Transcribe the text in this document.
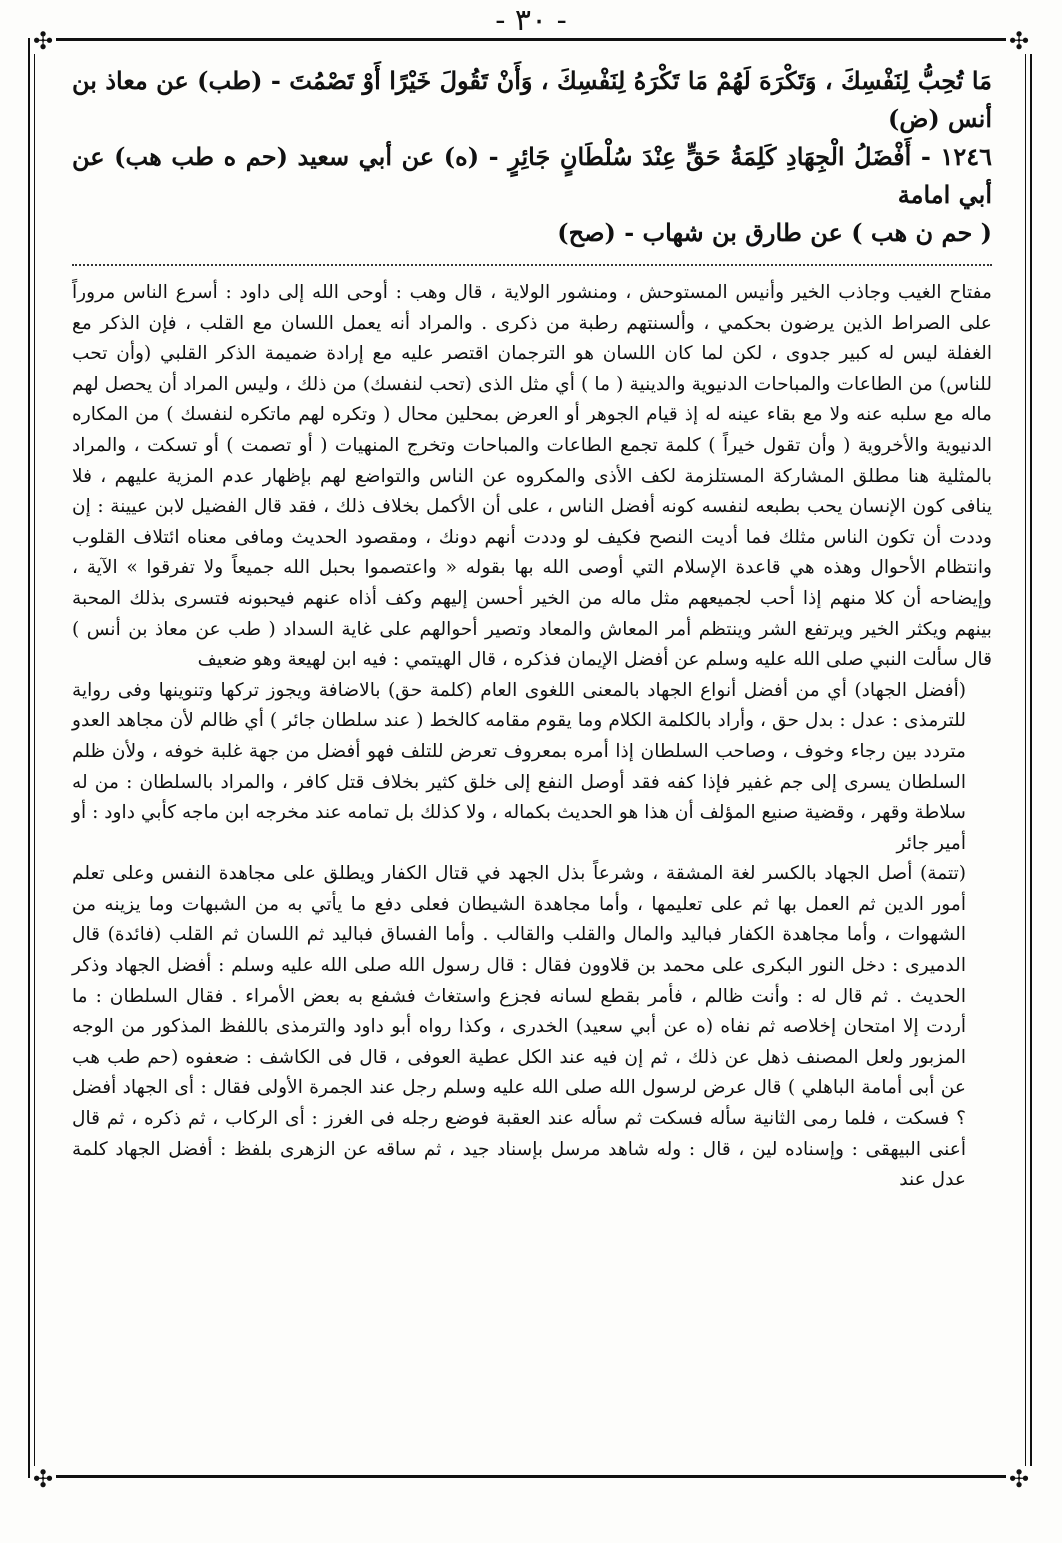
- ٣٠ -
✣	✣
✣	✣
مَا تُحِبُّ لِنَفْسِكَ ، وَتَكْرَهَ لَهُمْ مَا تَكْرَهُ لِنَفْسِكَ ، وَأَنْ تَقُولَ خَيْرًا أَوْ تَصْمُتَ - (طب) عن معاذ بن أنس (ض)
١٢٤٦ - أَفْضَلُ الْجِهَادِ كَلِمَةُ حَقٍّ عِنْدَ سُلْطَانٍ جَائِرٍ - (ه) عن أبي سعيد (حم ه طب هب) عن أبي امامة
( حم ن هب ) عن طارق بن شهاب - (صح)

مفتاح الغيب وجاذب الخير وأنيس المستوحش ، ومنشور الولاية ، قال وهب : أوحى الله إلى داود : أسرع الناس مروراً على الصراط الذين يرضون بحكمي ، وألسنتهم رطبة من ذكرى . والمراد أنه يعمل اللسان مع القلب ، فإن الذكر مع الغفلة ليس له كبير جدوى ، لكن لما كان اللسان هو الترجمان اقتصر عليه مع إرادة ضميمة الذكر القلبي (وأن تحب للناس) من الطاعات والمباحات الدنيوية والدينية ( ما ) أي مثل الذى (تحب لنفسك) من ذلك ، وليس المراد أن يحصل لهم ماله مع سلبه عنه ولا مع بقاء عينه له إذ قيام الجوهر أو العرض بمحلين محال ( وتكره لهم ماتكره لنفسك ) من المكاره الدنيوية والأخروية ( وأن تقول خيراً ) كلمة تجمع الطاعات والمباحات وتخرج المنهيات ( أو تصمت ) أو تسكت ، والمراد بالمثلية هنا مطلق المشاركة المستلزمة لكف الأذى والمكروه عن الناس والتواضع لهم بإظهار عدم المزية عليهم ، فلا ينافى كون الإنسان يحب بطبعه لنفسه كونه أفضل الناس ، على أن الأكمل بخلاف ذلك ، فقد قال الفضيل لابن عيينة : إن وددت أن تكون الناس مثلك فما أديت النصح فكيف لو وددت أنهم دونك ، ومقصود الحديث ومافى معناه ائتلاف القلوب وانتظام الأحوال وهذه هي قاعدة الإسلام التي أوصى الله بها بقوله « واعتصموا بحبل الله جميعاً ولا تفرقوا » الآية ، وإيضاحه أن كلا منهم إذا أحب لجميعهم مثل ماله من الخير أحسن إليهم وكف أذاه عنهم فيحبونه فتسرى بذلك المحبة بينهم ويكثر الخير ويرتفع الشر وينتظم أمر المعاش والمعاد وتصير أحوالهم على غاية السداد ( طب عن معاذ بن أنس ) قال سألت النبي صلى الله عليه وسلم عن أفضل الإيمان فذكره ، قال الهيتمي : فيه ابن لهيعة وهو ضعيف

(أفضل الجهاد) أي من أفضل أنواع الجهاد بالمعنى اللغوى العام (كلمة حق) بالاضافة ويجوز تركها وتنوينها وفى رواية للترمذى : عدل : بدل حق ، وأراد بالكلمة الكلام وما يقوم مقامه كالخط ( عند سلطان جائر ) أي ظالم لأن مجاهد العدو متردد بين رجاء وخوف ، وصاحب السلطان إذا أمره بمعروف تعرض للتلف فهو أفضل من جهة غلبة خوفه ، ولأن ظلم السلطان يسرى إلى جم غفير فإذا كفه فقد أوصل النفع إلى خلق كثير بخلاف قتل كافر ، والمراد بالسلطان : من له سلاطة وقهر ، وقضية صنيع المؤلف أن هذا هو الحديث بكماله ، ولا كذلك بل تمامه عند مخرجه ابن ماجه كأبي داود : أو أمير جائر

(تتمة) أصل الجهاد بالكسر لغة المشقة ، وشرعاً بذل الجهد في قتال الكفار ويطلق على مجاهدة النفس وعلى تعلم أمور الدين ثم العمل بها ثم على تعليمها ، وأما مجاهدة الشيطان فعلى دفع ما يأتي به من الشبهات وما يزينه من الشهوات ، وأما مجاهدة الكفار فباليد والمال والقلب والقالب . وأما الفساق فباليد ثم اللسان ثم القلب (فائدة) قال الدميرى : دخل النور البكرى على محمد بن قلاوون فقال : قال رسول الله صلى الله عليه وسلم : أفضل الجهاد وذكر الحديث . ثم قال له : وأنت ظالم ، فأمر بقطع لسانه فجزع واستغاث فشفع به بعض الأمراء . فقال السلطان : ما أردت إلا امتحان إخلاصه ثم نفاه (ه عن أبي سعيد) الخدرى ، وكذا رواه أبو داود والترمذى باللفظ المذكور من الوجه المزبور ولعل المصنف ذهل عن ذلك ، ثم إن فيه عند الكل عطية العوفى ، قال فى الكاشف : ضعفوه (حم طب هب عن أبى أمامة الباهلي ) قال عرض لرسول الله صلى الله عليه وسلم رجل عند الجمرة الأولى فقال : أى الجهاد أفضل ؟ فسكت ، فلما رمى الثانية سأله فسكت ثم سأله عند العقبة فوضع رجله فى الغرز : أى الركاب ، ثم ذكره ، ثم قال أعنى البيهقى : وإسناده لين ، قال : وله شاهد مرسل بإسناد جيد ، ثم ساقه عن الزهرى بلفظ : أفضل الجهاد كلمة عدل عند
